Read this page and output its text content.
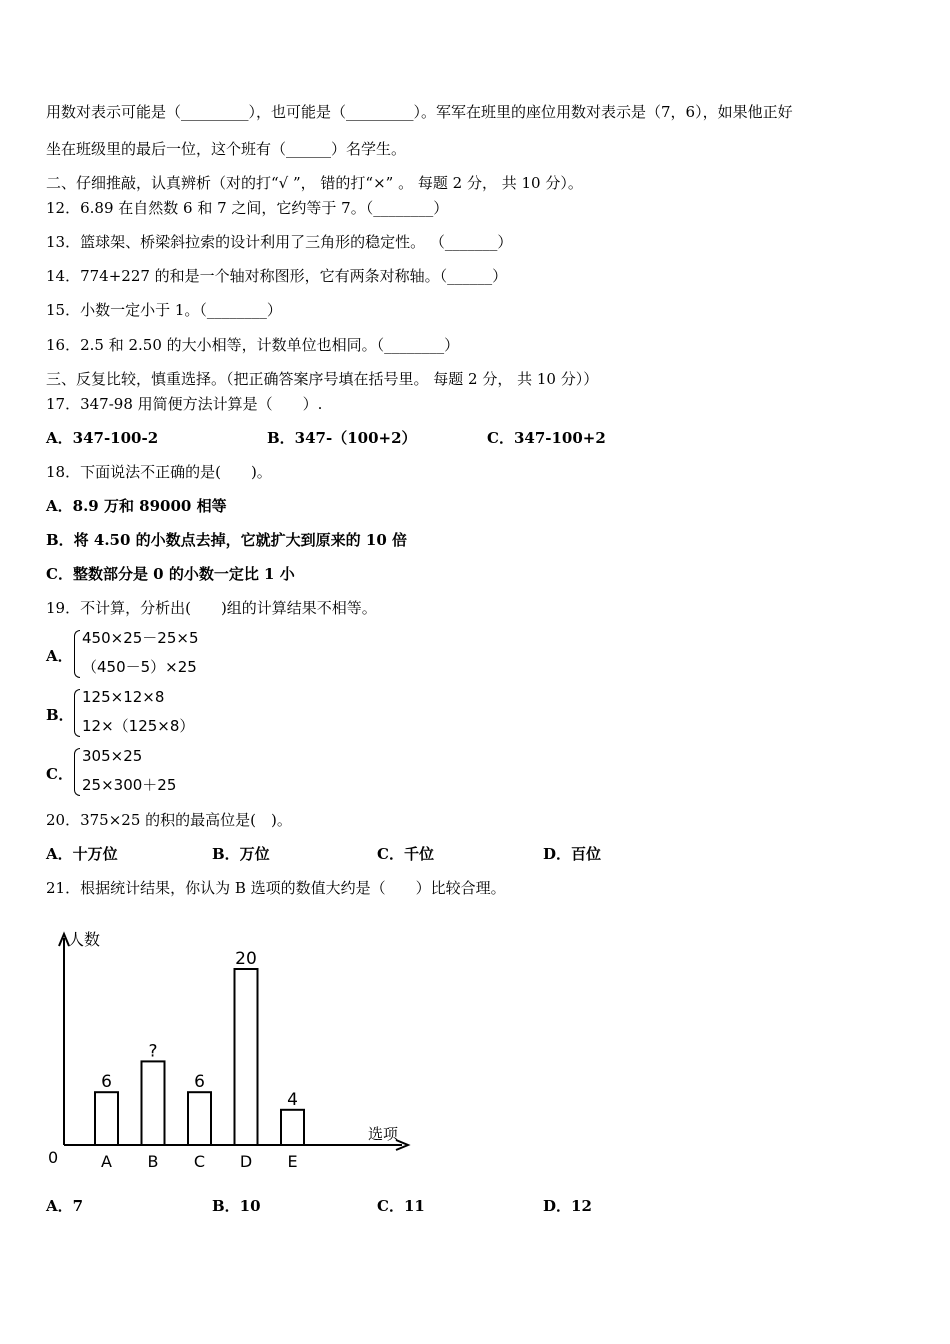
用数对表示可能是（_________），也可能是（_________）。军军在班里的座位用数对表示是（7，6），如果他正好
坐在班级里的最后一位，这个班有（______）名学生。
二、仔细推敲，认真辨析（对的打“√ ”， 错的打“×” 。 每题 2 分， 共 10 分）。
12．6.89 在自然数 6 和 7 之间，它约等于 7。（________）
13．篮球架、桥梁斜拉索的设计利用了三角形的稳定性。 （_______）
14．774+227 的和是一个轴对称图形，它有两条对称轴。（______）
15．小数一定小于 1。（________）
16．2.5 和 2.50 的大小相等，计数单位也相同。（________）
三、反复比较，慎重选择。（把正确答案序号填在括号里。 每题 2 分， 共 10 分））
17．347-98 用简便方法计算是（　　）.
A．347-100-2	B．347-（100+2）	C．347-100+2
18．下面说法不正确的是(　　)。
A．8.9 万和 89000 相等
B．将 4.50 的小数点去掉，它就扩大到原来的 10 倍
C．整数部分是 0 的小数一定比 1 小
19．不计算，分析出(　　)组的计算结果不相等。
A．
450×25－25×5
（450－5）×25
B．
125×12×8
12×（125×8）
C．
305×25
25×300＋25
20．375×25 的积的最高位是(　)。
A．十万位	B．万位	C．千位	D．百位
21．根据统计结果，你认为 B 选项的数值大约是（　　）比较合理。
人数
选项
0
6
A
?
B
6
C
20
D
4
E
A．7	B．10	C．11	D．12
